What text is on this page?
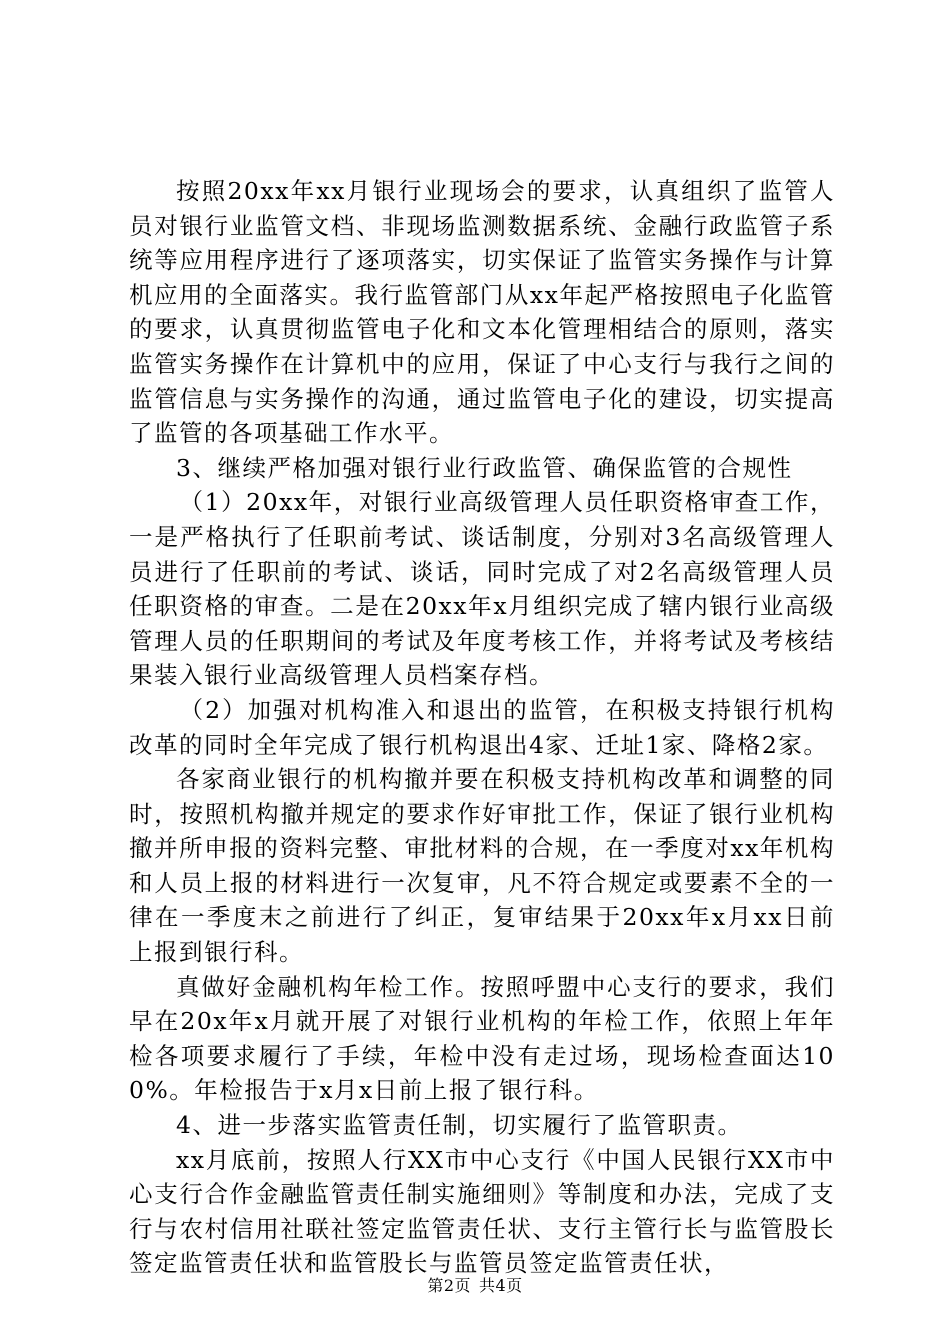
按照20xx年xx月银行业现场会的要求，认真组织了监管人员对银行业监管文档、非现场监测数据系统、金融行政监管子系统等应用程序进行了逐项落实，切实保证了监管实务操作与计算机应用的全面落实。我行监管部门从xx年起严格按照电子化监管的要求，认真贯彻监管电子化和文本化管理相结合的原则，落实监管实务操作在计算机中的应用，保证了中心支行与我行之间的监管信息与实务操作的沟通，通过监管电子化的建设，切实提高了监管的各项基础工作水平。

3、继续严格加强对银行业行政监管、确保监管的合规性

（1）20xx年，对银行业高级管理人员任职资格审查工作，一是严格执行了任职前考试、谈话制度，分别对3名高级管理人员进行了任职前的考试、谈话，同时完成了对2名高级管理人员任职资格的审查。二是在20xx年x月组织完成了辖内银行业高级管理人员的任职期间的考试及年度考核工作，并将考试及考核结果装入银行业高级管理人员档案存档。

（2）加强对机构准入和退出的监管，在积极支持银行机构改革的同时全年完成了银行机构退出4家、迁址1家、降格2家。

各家商业银行的机构撤并要在积极支持机构改革和调整的同时，按照机构撤并规定的要求作好审批工作，保证了银行业机构撤并所申报的资料完整、审批材料的合规，在一季度对xx年机构和人员上报的材料进行一次复审，凡不符合规定或要素不全的一律在一季度末之前进行了纠正，复审结果于20xx年x月xx日前上报到银行科。

真做好金融机构年检工作。按照呼盟中心支行的要求，我们早在20x年x月就开展了对银行业机构的年检工作，依照上年年检各项要求履行了手续，年检中没有走过场，现场检查面达100%。年检报告于x月x日前上报了银行科。

4、进一步落实监管责任制，切实履行了监管职责。

xx月底前，按照人行XX市中心支行《中国人民银行XX市中心支行合作金融监管责任制实施细则》等制度和办法，完成了支行与农村信用社联社签定监管责任状、支行主管行长与监管股长签定监管责任状和监管股长与监管员签定监管责任状，

第2页 共4页
